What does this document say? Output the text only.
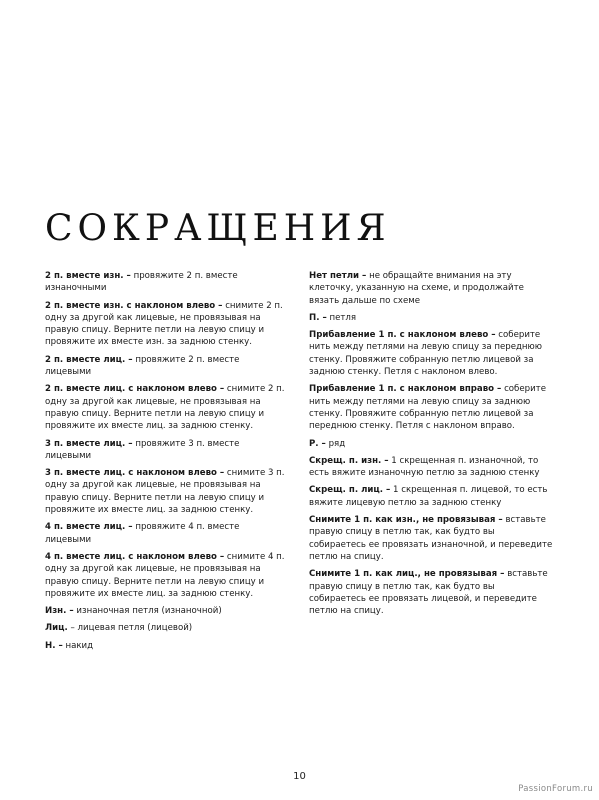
СОКРАЩЕНИЯ

2 п. вместе изн. – провяжите 2 п. вместе изнаночными

2 п. вместе изн. с наклоном влево – снимите 2 п. одну за другой как лицевые, не провязывая на правую спицу. Верните петли на левую спицу и провяжите их вместе изн. за заднюю стенку.

2 п. вместе лиц. – провяжите 2 п. вместе лицевыми

2 п. вместе лиц. с наклоном влево – снимите 2 п. одну за другой как лицевые, не провязывая на правую спицу. Верните петли на левую спицу и провяжите их вместе лиц. за заднюю стенку.

3 п. вместе лиц. – провяжите 3 п. вместе лицевыми

3 п. вместе лиц. с наклоном влево – снимите 3 п. одну за другой как лицевые, не провязывая на правую спицу. Верните петли на левую спицу и провяжите их вместе лиц. за заднюю стенку.

4 п. вместе лиц. – провяжите 4 п. вместе лицевыми

4 п. вместе лиц. с наклоном влево – снимите 4 п. одну за другой как лицевые, не провязывая на правую спицу. Верните петли на левую спицу и провяжите их вместе лиц. за заднюю стенку.

Изн. – изнаночная петля (изнаночной)

Лиц. – лицевая петля (лицевой)

Н. – накид

Нет петли – не обращайте внимания на эту клеточку, указанную на схеме, и продолжайте вязать дальше по схеме

П. – петля

Прибавление 1 п. с наклоном влево – соберите нить между петлями на левую спицу за переднюю стенку. Провяжите собранную петлю лицевой за заднюю стенку. Петля с наклоном влево.

Прибавление 1 п. с наклоном вправо – соберите нить между петлями на левую спицу за заднюю стенку. Провяжите собранную петлю лицевой за переднюю стенку. Петля с наклоном вправо.

Р. – ряд

Скрещ. п. изн. – 1 скрещенная п. изнаночной, то есть вяжите изнаночную петлю за заднюю стенку

Скрещ. п. лиц. – 1 скрещенная п. лицевой, то есть вяжите лицевую петлю за заднюю стенку

Снимите 1 п. как изн., не провязывая – вставьте правую спицу в петлю так, как будто вы собираетесь ее провязать изнаночной, и переведите петлю на спицу.

Снимите 1 п. как лиц., не провязывая – вставьте правую спицу в петлю так, как будто вы собираетесь ее провязать лицевой, и переведите петлю на спицу.

10
PassionForum.ru
